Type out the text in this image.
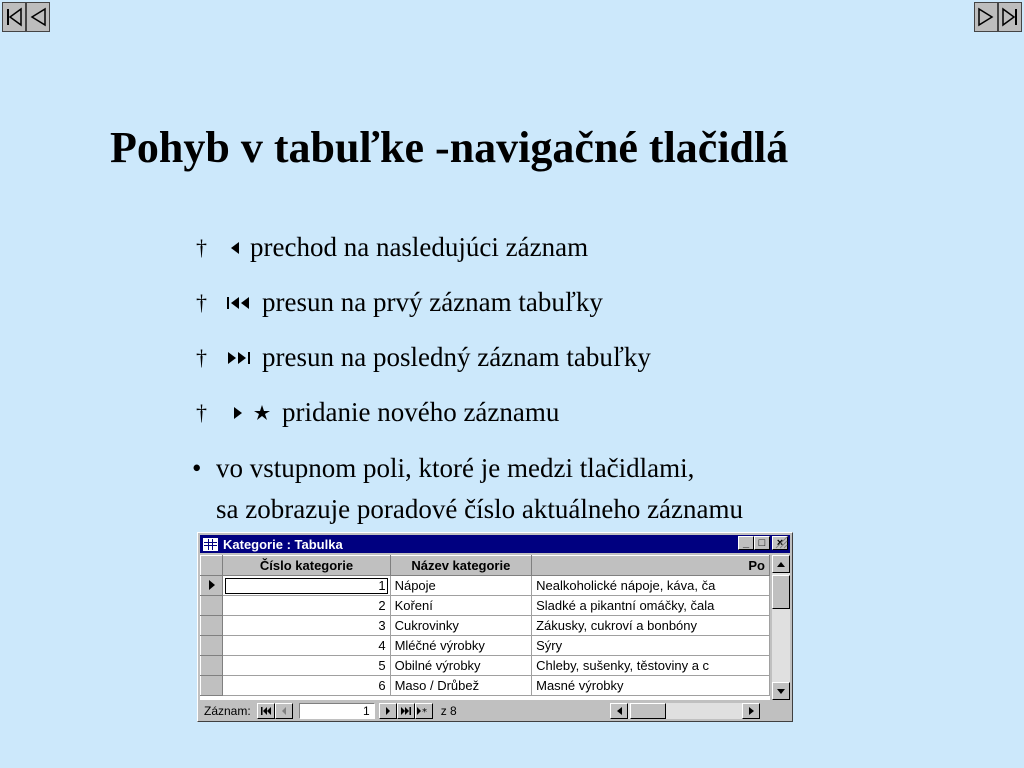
Pohyb v tabuľke -navigačné tlačidlá
†	prechod na nasledujúci záznam
†	presun na prvý záznam tabuľky
†	presun na posledný záznam tabuľky
†	pridanie nového záznamu
• vo vstupnom poli, ktoré je medzi tlačidlami,
sa zobrazuje poradové číslo aktuálneho záznamu
Kategorie : Tabulka	_ □	×
	Číslo kategorie	Název kategorie	Po
	1	Nápoje	Nealkoholické nápoje, káva, ča
	2	Koření	Sladké a pikantní omáčky, čala
	3	Cukrovinky	Zákusky, cukroví a bonbóny
	4	Mléčné výrobky	Sýry
	5	Obilné výrobky	Chleby, sušenky, těstoviny a c
	6	Maso / Drůbež	Masné výrobky
Záznam:	1	* z 8
